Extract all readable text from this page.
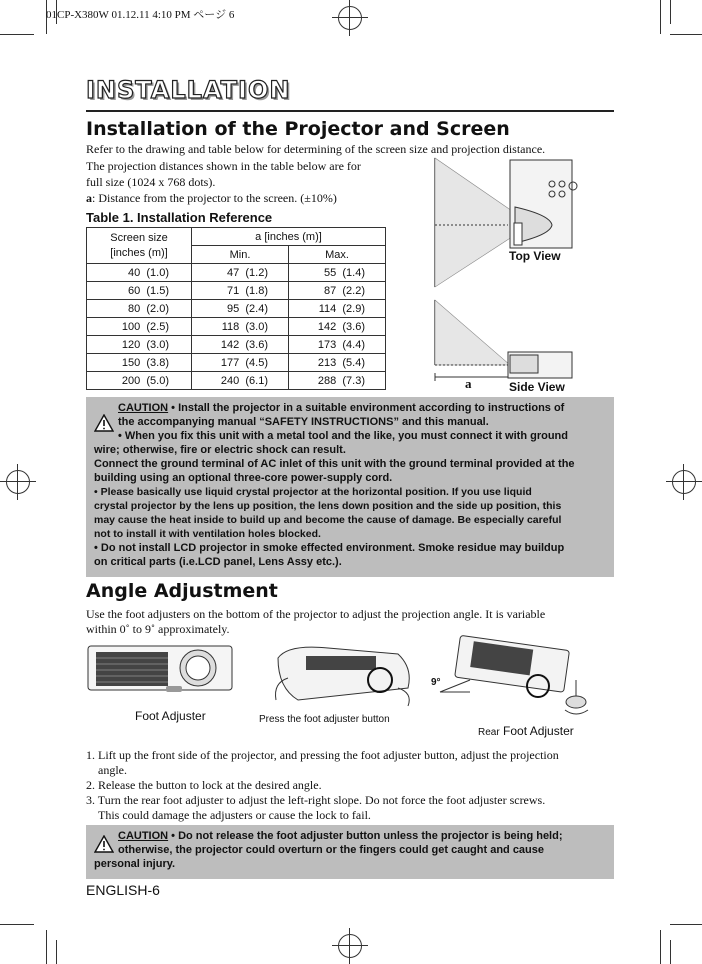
01CP-X380W 01.12.11 4:10 PM ページ 6
INSTALLATION
Installation of the Projector and Screen
Refer to the drawing and table below for determining of the screen size and projection distance.
The projection distances shown in the table below are for
full size (1024 x 768 dots).
a: Distance from the projector to the screen. (±10%)
Table 1. Installation Reference
Screen size
[inches (m)]	a [inches (m)]	
	Min.	Max.
40  (1.0)	47  (1.2)	55  (1.4)
60  (1.5)	71  (1.8)	87  (2.2)
80  (2.0)	95  (2.4)	114  (2.9)
100  (2.5)	118  (3.0)	142  (3.6)
120  (3.0)	142  (3.6)	173  (4.4)
150  (3.8)	177  (4.5)	213  (5.4)
200  (5.0)	240  (6.1)	288  (7.3)
Top View
a	Side View
CAUTION • Install the projector in a suitable environment according to instructions of
the accompanying manual “SAFETY INSTRUCTIONS” and this manual.
• When you fix this unit with a metal tool and the like, you must connect it with ground
wire; otherwise, fire or electric shock can result.
Connect the ground terminal of AC inlet of this unit with the ground terminal provided at the
building using an optional three-core power-supply cord.
• Please basically use liquid crystal projector at the horizontal position. If you use liquid
crystal projector by the lens up position, the lens down position and the side up position, this
may cause the heat inside to build up and become the cause of damage. Be especially careful
not to install it with ventilation holes blocked.
• Do not install LCD projector in smoke effected environment. Smoke residue may buildup
on critical parts (i.e.LCD panel, Lens Assy etc.).
Angle Adjustment
Use the foot adjusters on the bottom of the projector to adjust the projection angle. It is variable
within 0˚ to 9˚ approximately.
Foot Adjuster	Press the foot adjuster button
9°
Rear Foot Adjuster
1. Lift up the front side of the projector, and pressing the foot adjuster button, adjust the projection
angle.
2. Release the button to lock at the desired angle.
3. Turn the rear foot adjuster to adjust the left-right slope. Do not force the foot adjuster screws.
This could damage the adjusters or cause the lock to fail.
CAUTION • Do not release the foot adjuster button unless the projector is being held;
otherwise, the projector could overturn or the fingers could get caught and cause
personal injury.
ENGLISH-6
